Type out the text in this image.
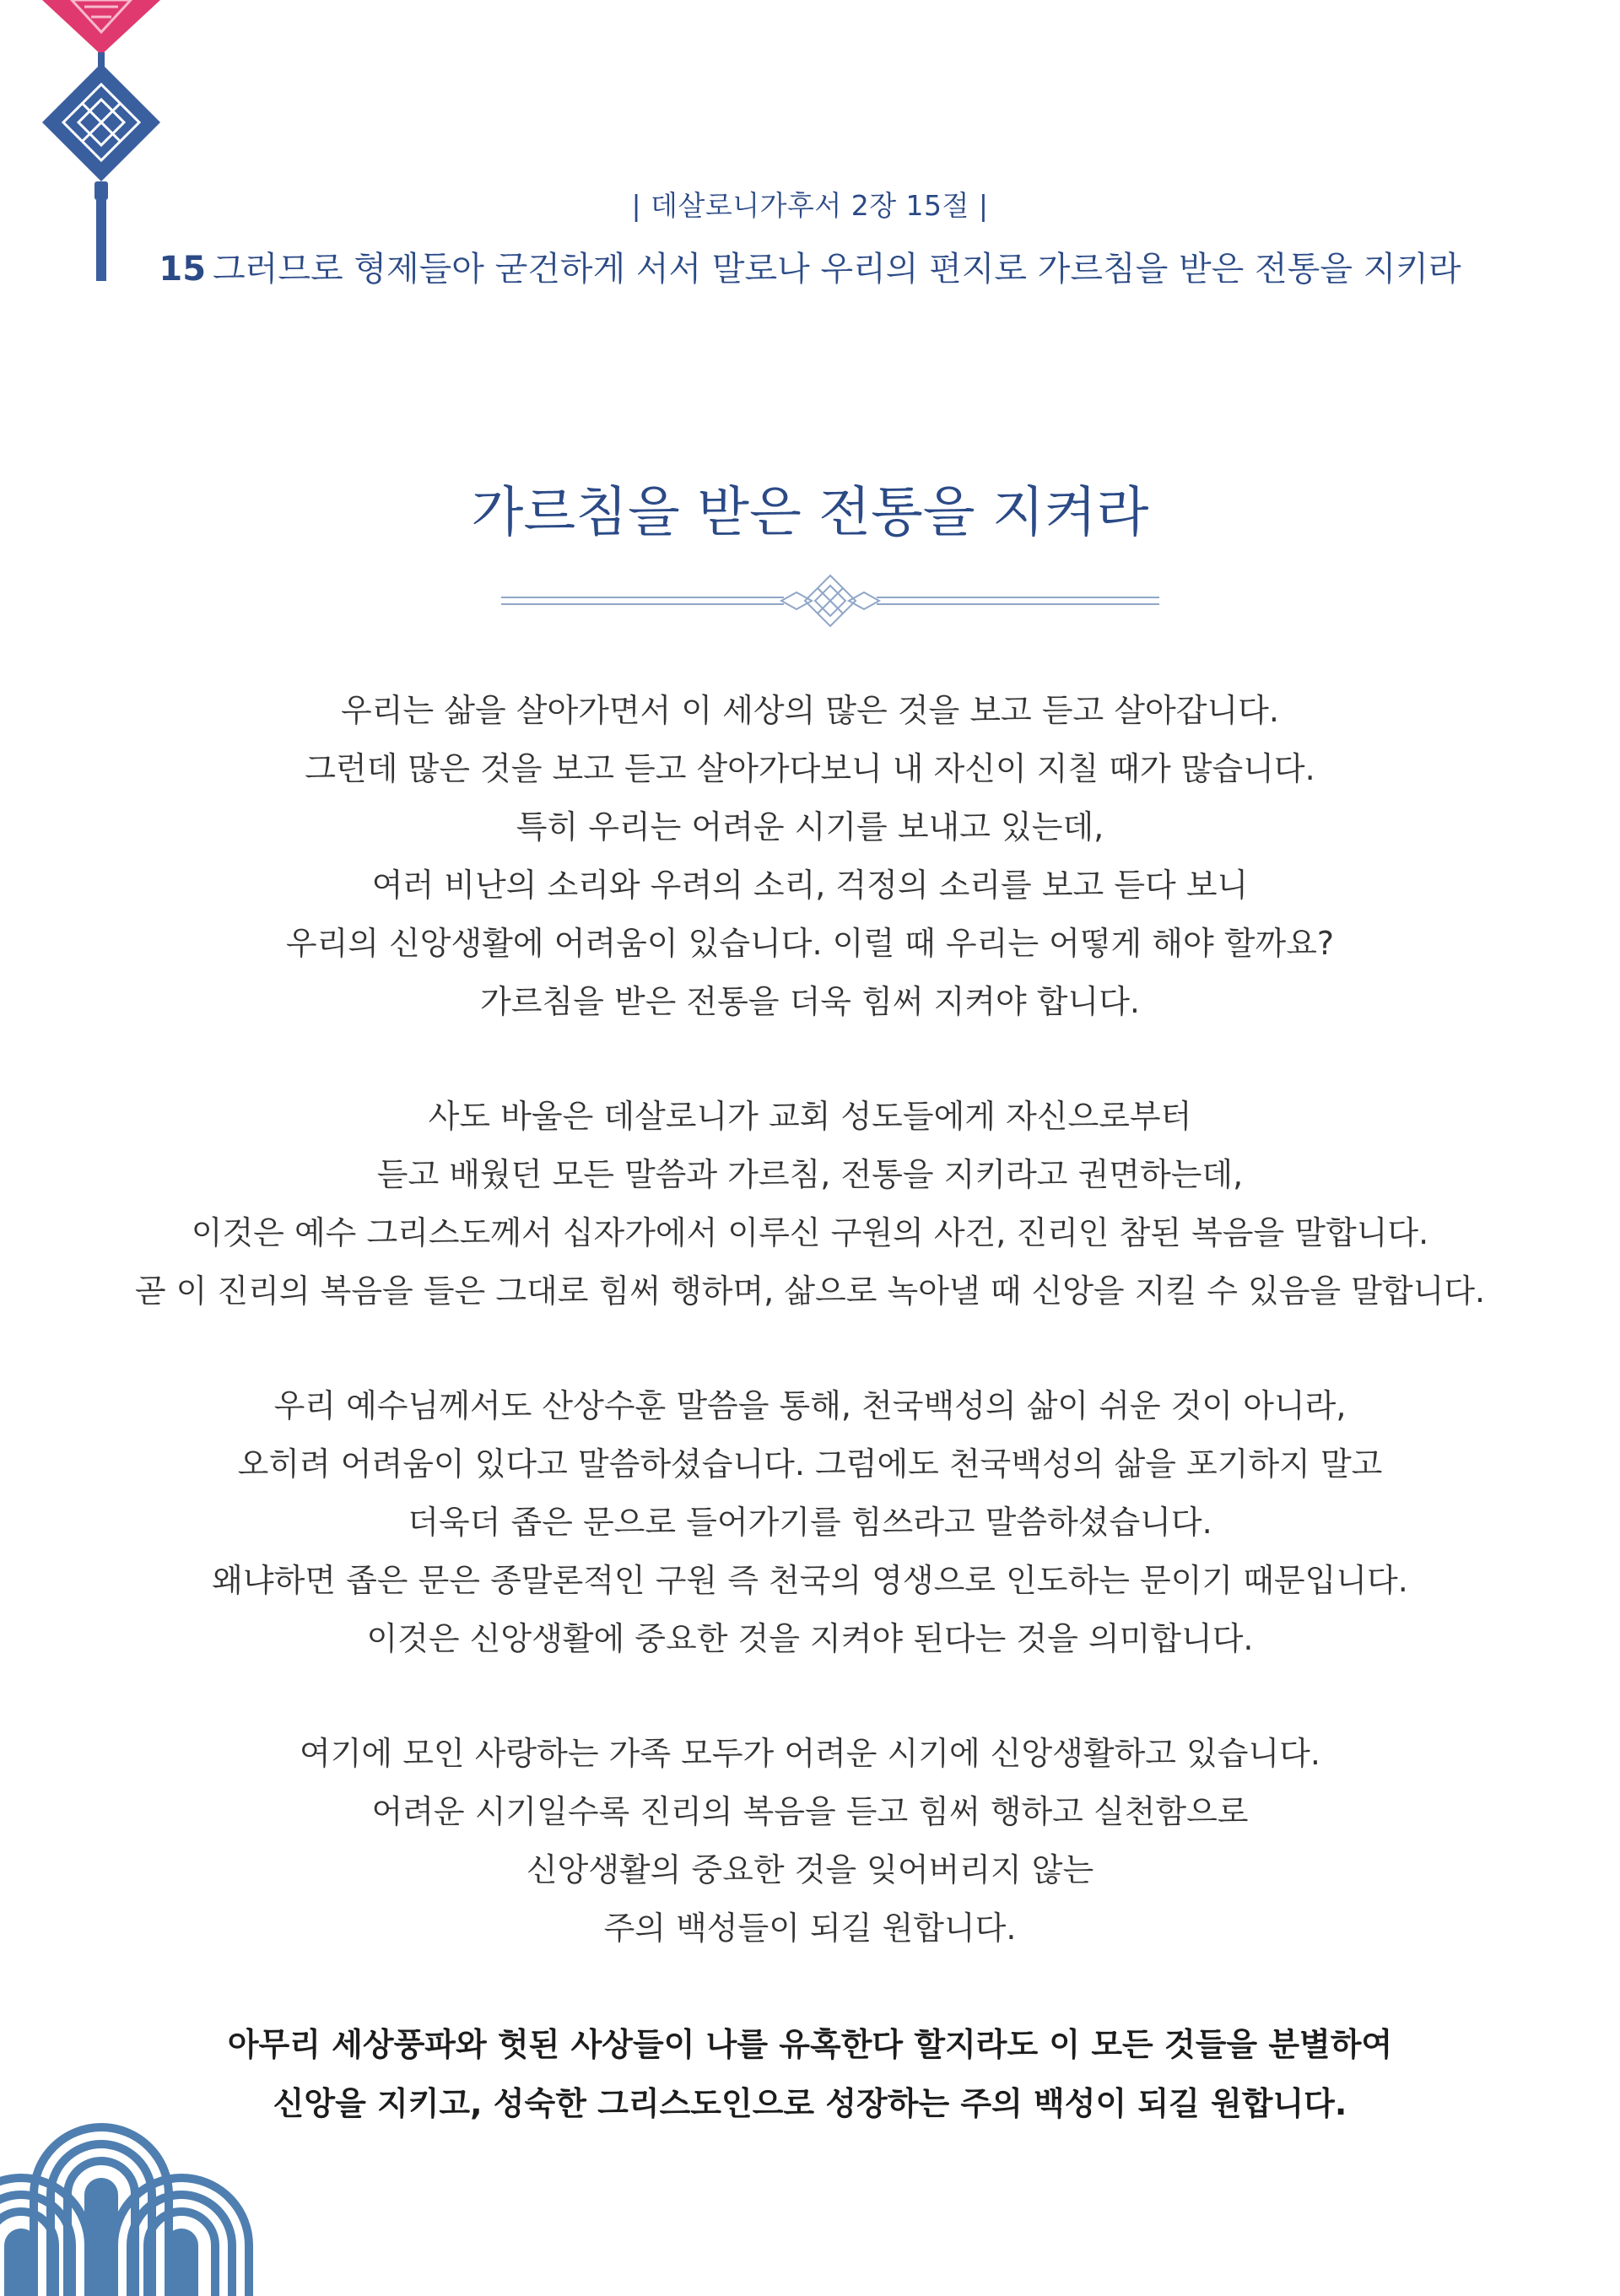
| 데살로니가후서 2장 15절 |
15 그러므로 형제들아 굳건하게 서서 말로나 우리의 편지로 가르침을 받은 전통을 지키라
가르침을 받은 전통을 지켜라
우리는 삶을 살아가면서 이 세상의 많은 것을 보고 듣고 살아갑니다.
그런데 많은 것을 보고 듣고 살아가다보니 내 자신이 지칠 때가 많습니다.
특히 우리는 어려운 시기를 보내고 있는데,
여러 비난의 소리와 우려의 소리, 걱정의 소리를 보고 듣다 보니
우리의 신앙생활에 어려움이 있습니다. 이럴 때 우리는 어떻게 해야 할까요?
가르침을 받은 전통을 더욱 힘써 지켜야 합니다.
사도 바울은 데살로니가 교회 성도들에게 자신으로부터
듣고 배웠던 모든 말씀과 가르침, 전통을 지키라고 권면하는데,
이것은 예수 그리스도께서 십자가에서 이루신 구원의 사건, 진리인 참된 복음을 말합니다.
곧 이 진리의 복음을 들은 그대로 힘써 행하며, 삶으로 녹아낼 때 신앙을 지킬 수 있음을 말합니다.
우리 예수님께서도 산상수훈 말씀을 통해, 천국백성의 삶이 쉬운 것이 아니라,
오히려 어려움이 있다고 말씀하셨습니다. 그럼에도 천국백성의 삶을 포기하지 말고
더욱더 좁은 문으로 들어가기를 힘쓰라고 말씀하셨습니다.
왜냐하면 좁은 문은 종말론적인 구원 즉 천국의 영생으로 인도하는 문이기 때문입니다.
이것은 신앙생활에 중요한 것을 지켜야 된다는 것을 의미합니다.
여기에 모인 사랑하는 가족 모두가 어려운 시기에 신앙생활하고 있습니다.
어려운 시기일수록 진리의 복음을 듣고 힘써 행하고 실천함으로
신앙생활의 중요한 것을 잊어버리지 않는
주의 백성들이 되길 원합니다.
아무리 세상풍파와 헛된 사상들이 나를 유혹한다 할지라도 이 모든 것들을 분별하여
신앙을 지키고, 성숙한 그리스도인으로 성장하는 주의 백성이 되길 원합니다.
